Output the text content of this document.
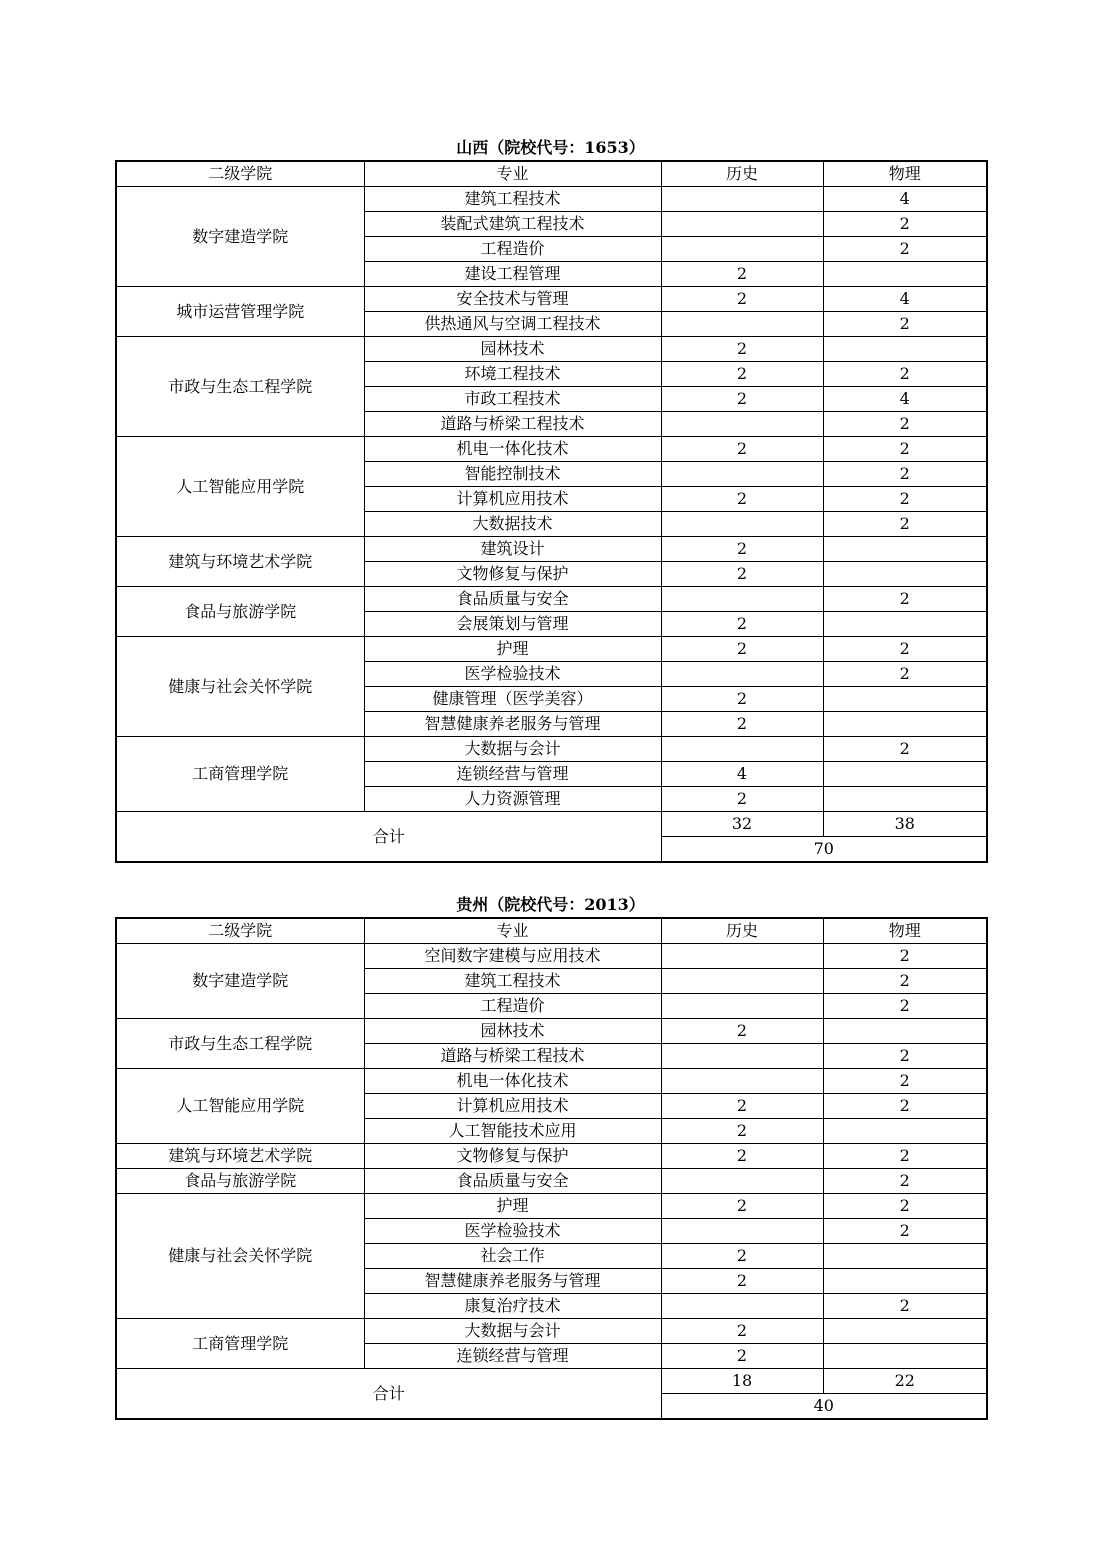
山西（院校代号：1653）
二级学院	专业	历史	物理
数字建造学院	建筑工程技术		4
	装配式建筑工程技术		2
	工程造价		2
	建设工程管理	2	
城市运营管理学院	安全技术与管理	2	4
	供热通风与空调工程技术		2
市政与生态工程学院	园林技术	2	
	环境工程技术	2	2
	市政工程技术	2	4
	道路与桥梁工程技术		2
人工智能应用学院	机电一体化技术	2	2
	智能控制技术		2
	计算机应用技术	2	2
	大数据技术		2
建筑与环境艺术学院	建筑设计	2	
	文物修复与保护	2	
食品与旅游学院	食品质量与安全		2
	会展策划与管理	2	
健康与社会关怀学院	护理	2	2
	医学检验技术		2
	健康管理（医学美容）	2	
	智慧健康养老服务与管理	2	
工商管理学院	大数据与会计		2
	连锁经营与管理	4	
	人力资源管理	2	
合计		32	38
		70	
贵州（院校代号：2013）
二级学院	专业	历史	物理
数字建造学院	空间数字建模与应用技术		2
	建筑工程技术		2
	工程造价		2
市政与生态工程学院	园林技术	2	
	道路与桥梁工程技术		2
人工智能应用学院	机电一体化技术		2
	计算机应用技术	2	2
	人工智能技术应用	2	
建筑与环境艺术学院	文物修复与保护	2	2
食品与旅游学院	食品质量与安全		2
健康与社会关怀学院	护理	2	2
	医学检验技术		2
	社会工作	2	
	智慧健康养老服务与管理	2	
	康复治疗技术		2
工商管理学院	大数据与会计	2	
	连锁经营与管理	2	
合计		18	22
		40	
